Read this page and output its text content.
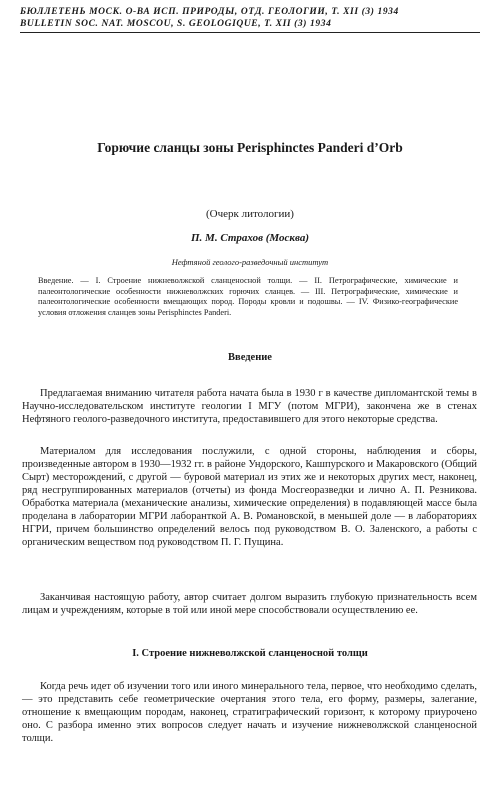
БЮЛЛЕТЕНЬ МОСК. О-ВА ИСП. ПРИРОДЫ, ОТД. ГЕОЛОГИИ, Т. XII (3) 1934
BULLETIN SOC. NAT. MOSCOU, S. GEOLOGIQUE, T. XII (3) 1934
Горючие сланцы зоны Perisphinctes Panderi d’Orb
(Очерк литологии)
П. М. Страхов (Москва)
Нефтяной геолого-разведочный институт
Введение. — I. Строение нижневолжской сланценосной толщи. — II. Петрографические, химические и палеонтологические особенности нижневолжских горючих сланцев. — III. Петрографические, химические и палеонтологические особенности вмещающих пород. Породы кровли и подошвы. — IV. Физико-географические условия отложения сланцев зоны Perisphinctes Panderi.
Введение

Предлагаемая вниманию читателя работа начата была в 1930 г в качестве дипломантской темы в Научно-исследовательском институте геологии I МГУ (потом МГРИ), закончена же в стенах Нефтяного геолого-разведочного института, предоставившего для этого некоторые средства.

Материалом для исследования послужили, с одной стороны, наблюдения и сборы, произведенные автором в 1930—1932 гг. в районе Ундорского, Кашпурского и Макаровского (Общий Сырт) месторождений, с другой — буровой материал из этих же и некоторых других мест, наконец, ряд несгруппированных материалов (отчеты) из фонда Мосгеоразведки и лично А. П. Резникова. Обработка материала (механические анализы, химические определения) в подавляющей массе была проделана в лаборатории МГРИ лаборанткой А. В. Романовской, в меньшей доле — в лабораториях НГРИ, причем большинство определений велось под руководством В. О. Заленского, а работы с органическим веществом под руководством П. Г. Пущина.

Заканчивая настоящую работу, автор считает долгом выразить глубокую признательность всем лицам и учреждениям, которые в той или иной мере способствовали осуществлению ее.

I. Строение нижневолжской сланценосной толщи

Когда речь идет об изучении того или иного минерального тела, первое, что необходимо сделать, — это представить себе геометрические очертания этого тела, его форму, размеры, залегание, отношение к вмещающим породам, наконец, стратиграфический горизонт, к которому приурочено оно. С разбора именно этих вопросов следует начать и изучение нижневолжской сланценосной толщи.
